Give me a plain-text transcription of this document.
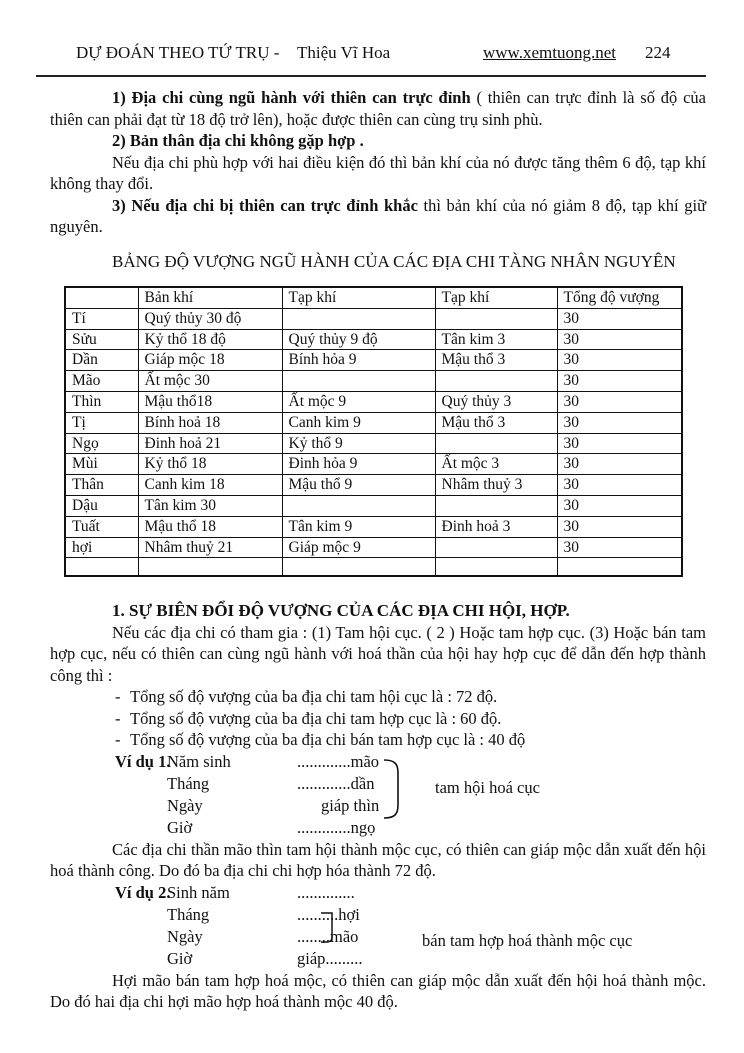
DỰ ĐOÁN THEO TỨ TRỤ - Thiệu Vĩ Hoa	www.xemtuong.net 224

1) Địa chi cùng ngũ hành với thiên can trực đỉnh ( thiên can trực đỉnh là số độ của thiên can phải đạt từ 18 độ trở lên), hoặc được thiên can cùng trụ sinh phù.

2) Bản thân địa chi không gặp hợp .

Nếu địa chi phù hợp với hai điều kiện đó thì bản khí của nó được tăng thêm 6 độ, tạp khí không thay đổi.

3) Nếu địa chi bị thiên can trực đỉnh khắc thì bản khí của nó giảm 8 độ, tạp khí giữ nguyên.

BẢNG ĐỘ VƯỢNG NGŨ HÀNH CỦA CÁC ĐỊA CHI TÀNG NHÂN NGUYÊN
	Bản khí	Tạp khí	Tạp khí	Tổng độ vượng
Tí	Quý thủy 30 độ			30
Sửu	Kỷ thổ 18 độ	Quý thủy 9 độ	Tân kim 3	30
Dần	Giáp mộc 18	Bính hỏa 9	Mậu thổ 3	30
Mão	Ất mộc 30			30
Thìn	Mậu thổ18	Ất mộc 9	Quý thủy 3	30
Tị	Bính hoả 18	Canh kim 9	Mậu thổ 3	30
Ngọ	Đinh hoả 21	Kỷ thổ 9		30
Mùi	Kỷ thổ 18	Đinh hỏa 9	Ất mộc 3	30
Thân	Canh kim 18	Mậu thổ 9	Nhâm thuỷ 3	30
Dậu	Tân kim 30			30
Tuất	Mậu thổ 18	Tân kim 9	Đinh hoả 3	30
hợi	Nhâm thuỷ 21	Giáp mộc 9		30

1. SỰ BIÊN ĐỔI ĐỘ VƯỢNG CỦA CÁC ĐỊA CHI HỘI, HỢP.

Nếu các địa chi có tham gia : (1) Tam hội cục. ( 2 ) Hoặc tam hợp cục. (3) Hoặc bán tam hợp cục, nếu có thiên can cùng ngũ hành với hoá thần của hội hay hợp cục để dẫn đến hợp thành công thì :

- Tổng số độ vượng của ba địa chi tam hội cục là : 72 độ.
- Tổng số độ vượng của ba địa chi tam hợp cục là : 60 độ.
- Tổng số độ vượng của ba địa chi bán tam hợp cục là : 40 độ
Ví dụ 1.
Năm sinh	.............mão
Tháng	.............dần
Ngày	giáp thìn
Giờ	.............ngọ
tam hội hoá cục

Các địa chi thần mão thìn tam hội thành mộc cục, có thiên can giáp mộc dẫn xuất đến hội hoá thành công. Do đó ba địa chi chi hợp hóa thành 72 độ.

Ví dụ 2.
Sinh năm	..............
Tháng	..........hợi
Ngày	........mão
Giờ	giáp.........
bán tam hợp hoá thành mộc cục

Hợi mão bán tam hợp hoá mộc, có thiên can giáp mộc dẫn xuất đến hội hoá thành mộc. Do đó hai địa chi hợi mão hợp hoá thành mộc 40 độ.
